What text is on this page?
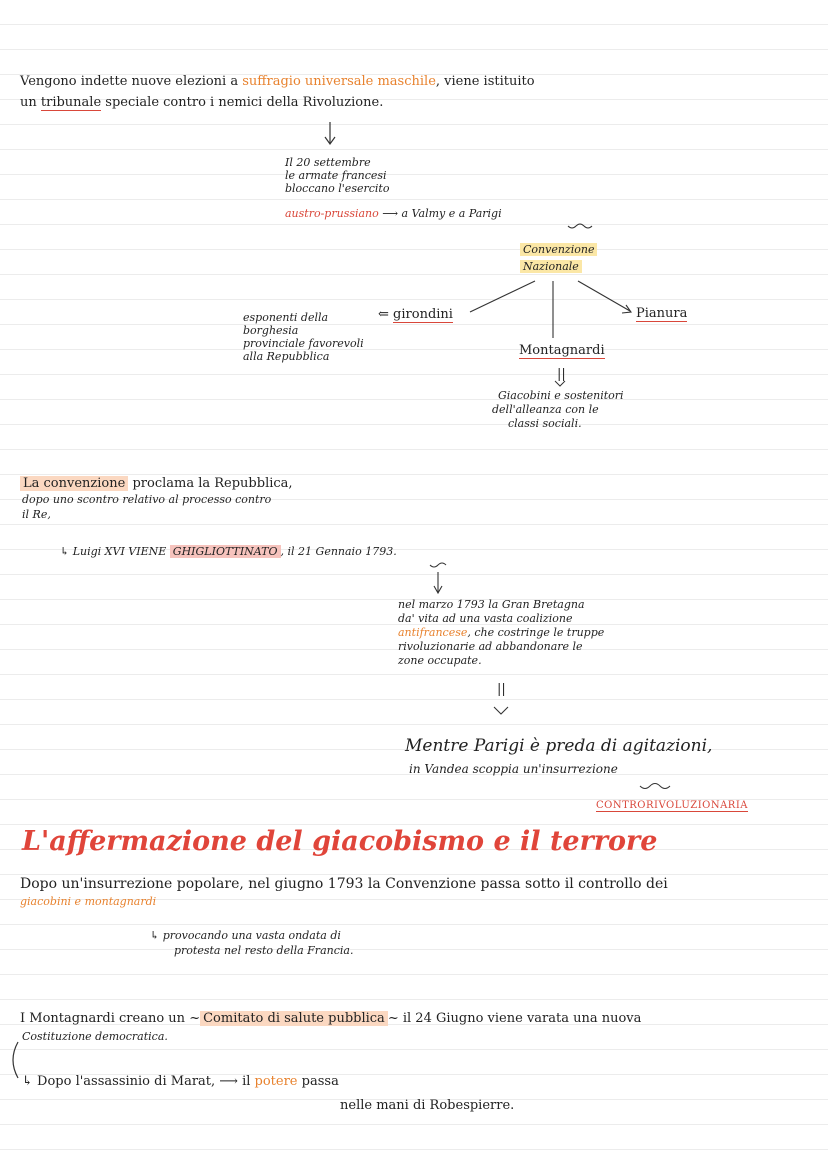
Vengono indette nuove elezioni a suffragio universale maschile, viene istituito
un tribunale speciale contro i nemici della Rivoluzione.
Il 20 settembre
le armate francesi
bloccano l'esercito
austro-prussiano ⟶ a Valmy e a Parigi
Convenzione
Nazionale
⇐ girondini
esponenti della
borghesia
provinciale favorevoli
alla Repubblica
Pianura
Montagnardi
||
Giacobini e sostenitori
dell'alleanza con le
classi sociali.
La convenzione proclama la Repubblica,
dopo uno scontro relativo al processo contro
il Re,
↳ Luigi XVI VIENE GHIGLIOTTINATO , il 21 Gennaio 1793.
nel marzo 1793 la Gran Bretagna
da' vita ad una vasta coalizione
antifrancese, che costringe le truppe
rivoluzionarie ad abbandonare le
zone occupate.
||
Mentre Parigi è preda di agitazioni,
in Vandea scoppia un'insurrezione
CONTRORIVOLUZIONARIA
L'affermazione del giacobismo e il terrore
Dopo un'insurrezione popolare, nel giugno 1793 la Convenzione passa sotto il controllo dei
giacobini e montagnardi
↳ provocando una vasta ondata di
protesta nel resto della Francia.
I Montagnardi creano un ~ Comitato di salute pubblica ~ il 24 Giugno viene varata una nuova
Costituzione democratica.
↳ Dopo l'assassinio di Marat, ⟶ il potere passa
nelle mani di Robespierre.
